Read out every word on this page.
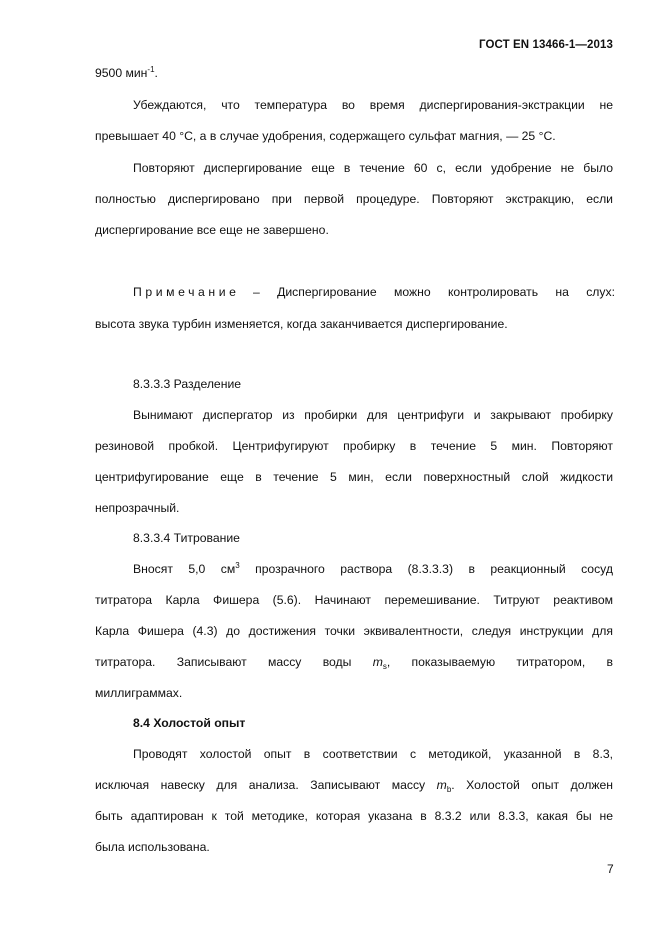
ГОСТ EN 13466-1—2013
9500 мин$^{-1}$.
Убеждаются, что температура во время диспергирования-экстракции не
превышает 40 °С, а в случае удобрения, содержащего сульфат магния, — 25 °С.
Повторяют диспергирование еще в течение 60 с, если удобрение не было
полностью диспергировано при первой процедуре. Повторяют экстракцию, если
диспергирование все еще не завершено.
Примечание – Диспергирование можно контролировать на слух:
высота звука турбин изменяется, когда заканчивается диспергирование.
8.3.3.3 Разделение
Вынимают диспергатор из пробирки для центрифуги и закрывают пробирку
резиновой пробкой. Центрифугируют пробирку в течение 5 мин. Повторяют
центрифугирование еще в течение 5 мин, если поверхностный слой жидкости
непрозрачный.
8.3.3.4 Титрование
Вносят 5,0 $см^3$ прозрачного раствора (8.3.3.3) в реакционный сосуд
титратора Карла Фишера (5.6). Начинают перемешивание. Титруют реактивом
Карла Фишера (4.3) до достижения точки эквивалентности, следуя инструкции для
титратора. Записывают массу воды $m_s$, показываемую титратором, в
миллиграммах.
8.4 Холостой опыт
Проводят холостой опыт в соответствии с методикой, указанной в 8.3,
исключая навеску для анализа. Записывают массу $m_b$. Холостой опыт должен
быть адаптирован к той методике, которая указана в 8.3.2 или 8.3.3, какая бы не
была использована.
7
